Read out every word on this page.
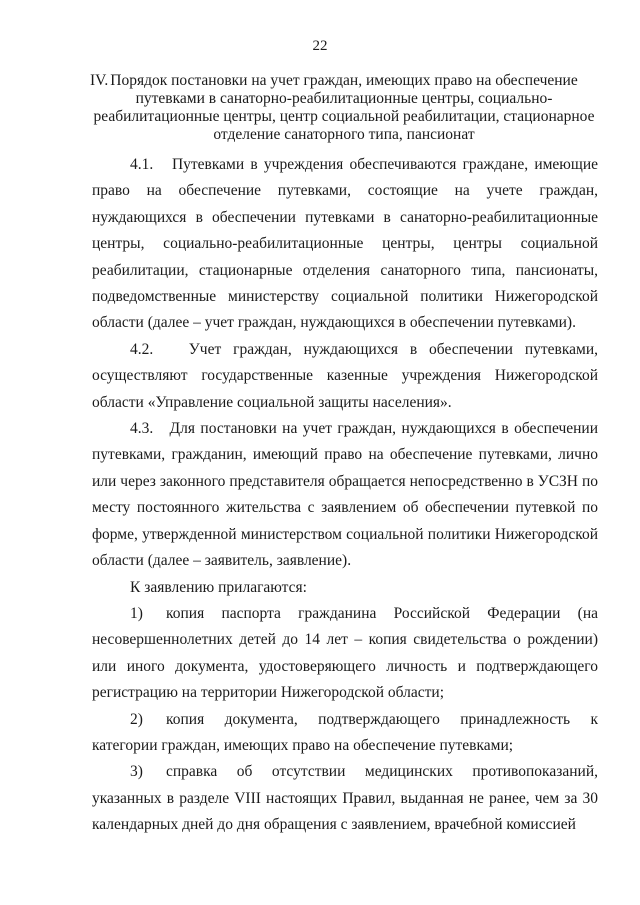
22
IV. Порядок постановки на учет граждан, имеющих право на обеспечение путевками в санаторно-реабилитационные центры, социально-реабилитационные центры, центр социальной реабилитации, стационарное отделение санаторного типа, пансионат

4.1.   Путевками в учреждения обеспечиваются граждане, имеющие право на обеспечение путевками, состоящие на учете граждан, нуждающихся в обеспечении путевками в санаторно-реабилитационные центры, социально-реабилитационные центры, центры социальной реабилитации, стационарные отделения санаторного типа, пансионаты, подведомственные министерству социальной политики Нижегородской области (далее – учет граждан, нуждающихся в обеспечении путевками).

4.2.   Учет граждан, нуждающихся в обеспечении путевками, осуществляют государственные казенные учреждения Нижегородской области «Управление социальной защиты населения».

4.3.   Для постановки на учет граждан, нуждающихся в обеспечении путевками, гражданин, имеющий право на обеспечение путевками, лично или через законного представителя обращается непосредственно в УСЗН по месту постоянного жительства с заявлением об обеспечении путевкой по форме, утвержденной министерством социальной политики Нижегородской области (далее – заявитель, заявление).

К заявлению прилагаются:

1) копия паспорта гражданина Российской Федерации (на несовершеннолетних детей до 14 лет – копия свидетельства о рождении) или иного документа, удостоверяющего личность и подтверждающего регистрацию на территории Нижегородской области;

2) копия документа, подтверждающего принадлежность к категории граждан, имеющих право на обеспечение путевками;

3) справка об отсутствии медицинских противопоказаний, указанных в разделе VIII настоящих Правил, выданная не ранее, чем за 30 календарных дней до дня обращения с заявлением, врачебной комиссией
